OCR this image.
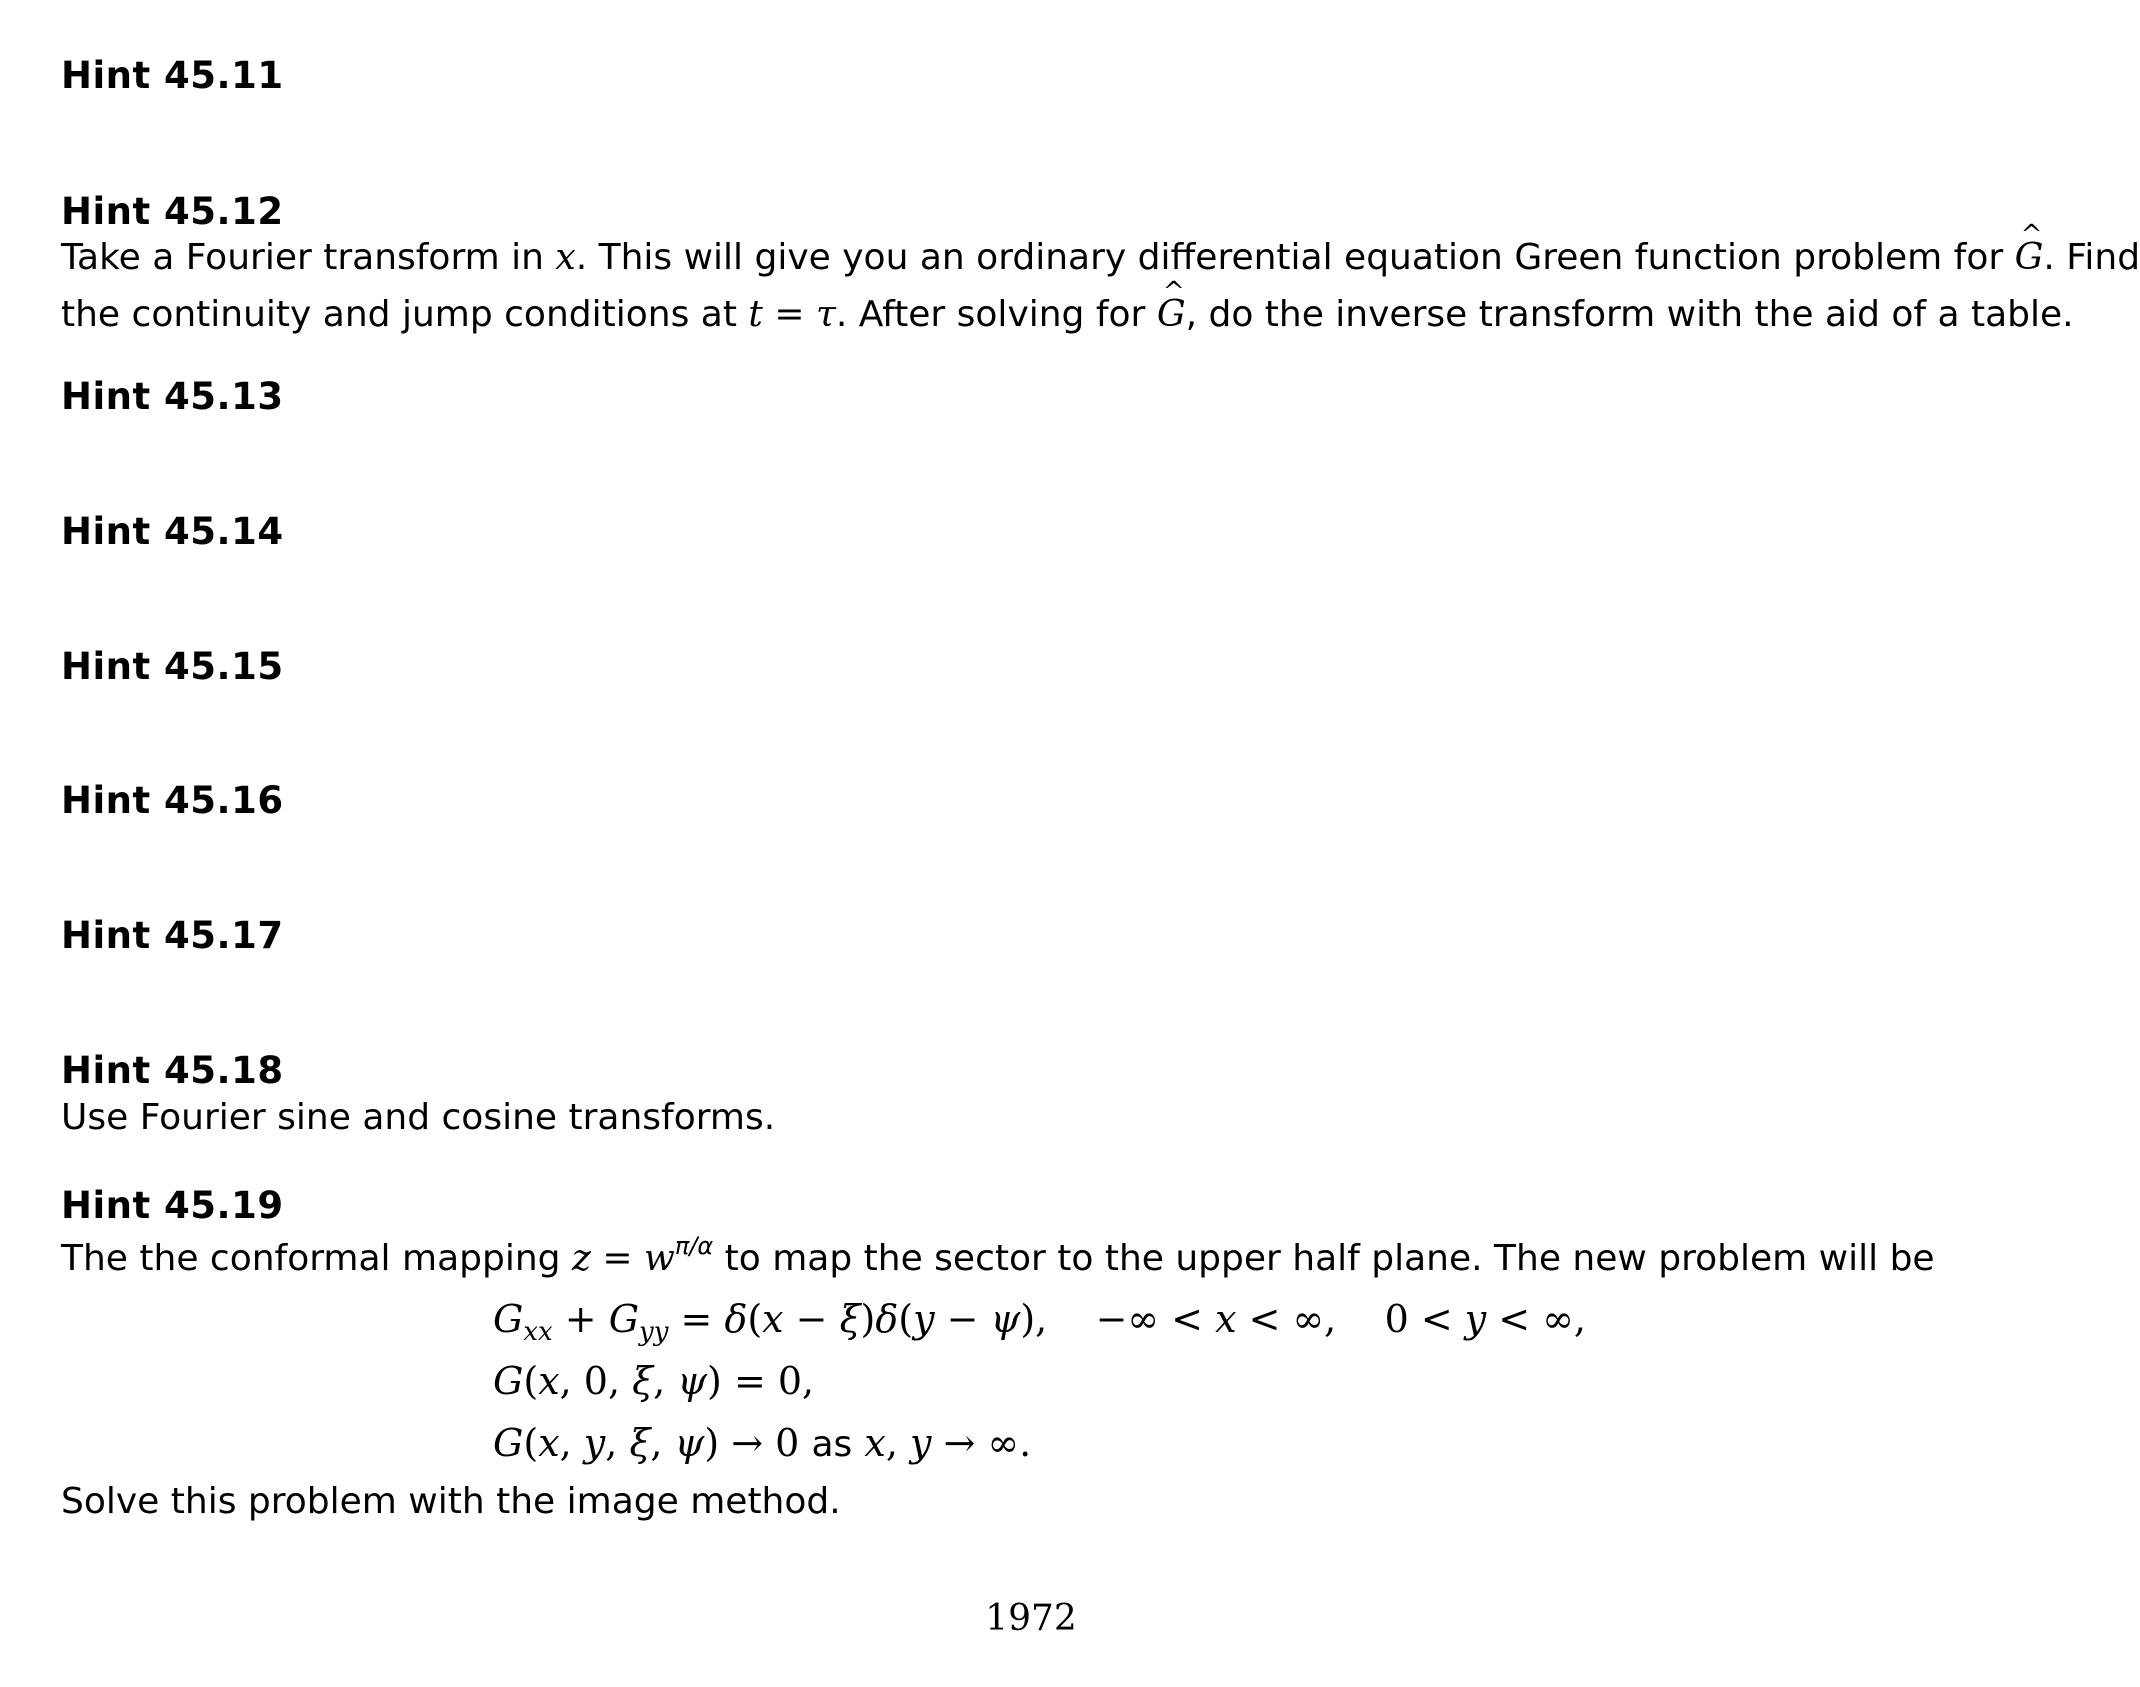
Hint 45.11
Hint 45.12
Take a Fourier transform in x. This will give you an ordinary differential equation Green function problem for ^ G. Find
the continuity and jump conditions at t = τ. After solving for ^ G, do the inverse transform with the aid of a table.
Hint 45.13
Hint 45.14
Hint 45.15
Hint 45.16
Hint 45.17
Hint 45.18
Use Fourier sine and cosine transforms.
Hint 45.19
The the conformal mapping $z = w^{\pi/\alpha}$ to map the sector to the upper half plane. The new problem will be
$G_{xx} + G_{yy} = \delta(x - \xi)\delta(y - \psi)$,    −∞ < x < ∞,    0 < y < ∞,
G(x, 0, ξ, ψ) = 0,
G(x, y, ξ, ψ) → 0 as x, y → ∞.
Solve this problem with the image method.
1972
